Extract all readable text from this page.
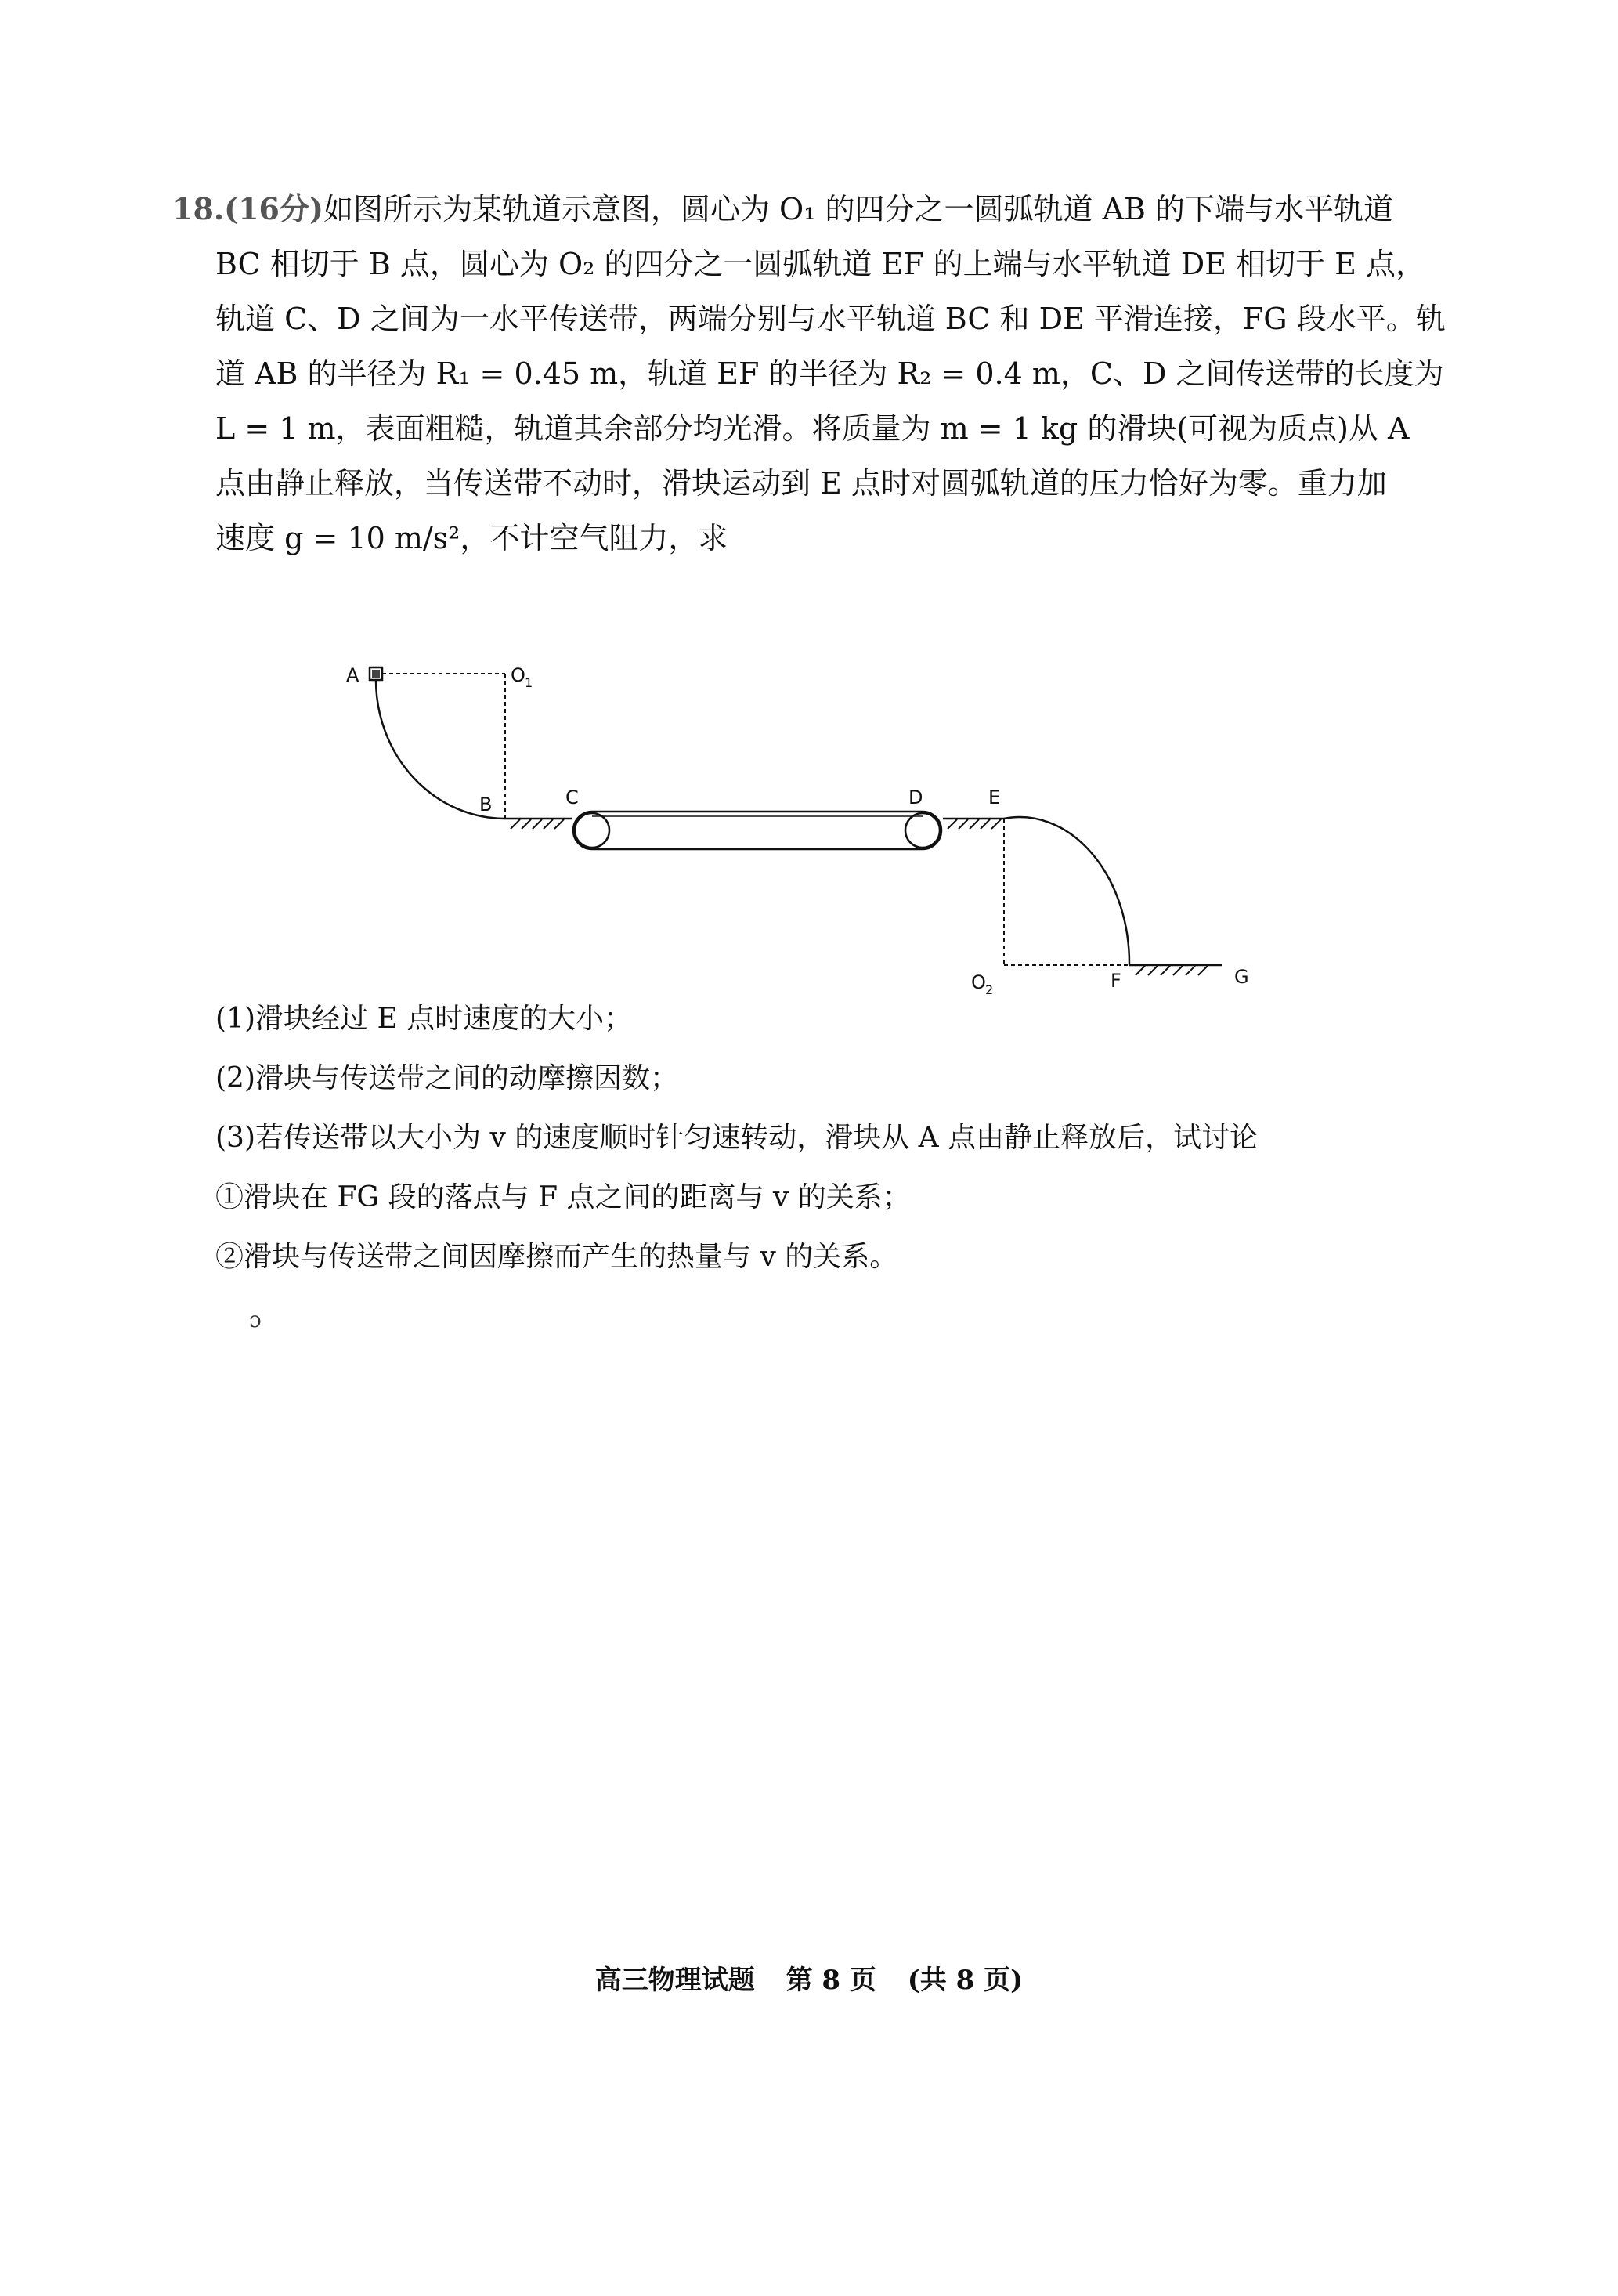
18.(16分)如图所示为某轨道示意图，圆心为 O₁ 的四分之一圆弧轨道 AB 的下端与水平轨道
BC 相切于 B 点，圆心为 O₂ 的四分之一圆弧轨道 EF 的上端与水平轨道 DE 相切于 E 点，
轨道 C、D 之间为一水平传送带，两端分别与水平轨道 BC 和 DE 平滑连接，FG 段水平。轨
道 AB 的半径为 R₁ = 0.45 m，轨道 EF 的半径为 R₂ = 0.4 m，C、D 之间传送带的长度为
L = 1 m，表面粗糙，轨道其余部分均光滑。将质量为 m = 1 kg 的滑块(可视为质点)从 A
点由静止释放，当传送带不动时，滑块运动到 E 点时对圆弧轨道的压力恰好为零。重力加
速度 g = 10 m/s²，不计空气阻力，求
A	O 1
B	C	D	E
O 2	F	G
(1)滑块经过 E 点时速度的大小；
(2)滑块与传送带之间的动摩擦因数；
(3)若传送带以大小为 v 的速度顺时针匀速转动，滑块从 A 点由静止释放后，试讨论
①滑块在 FG 段的落点与 F 点之间的距离与 v 的关系；
②滑块与传送带之间因摩擦而产生的热量与 v 的关系。
ɔ
高三物理试题 第 8 页 (共 8 页)
